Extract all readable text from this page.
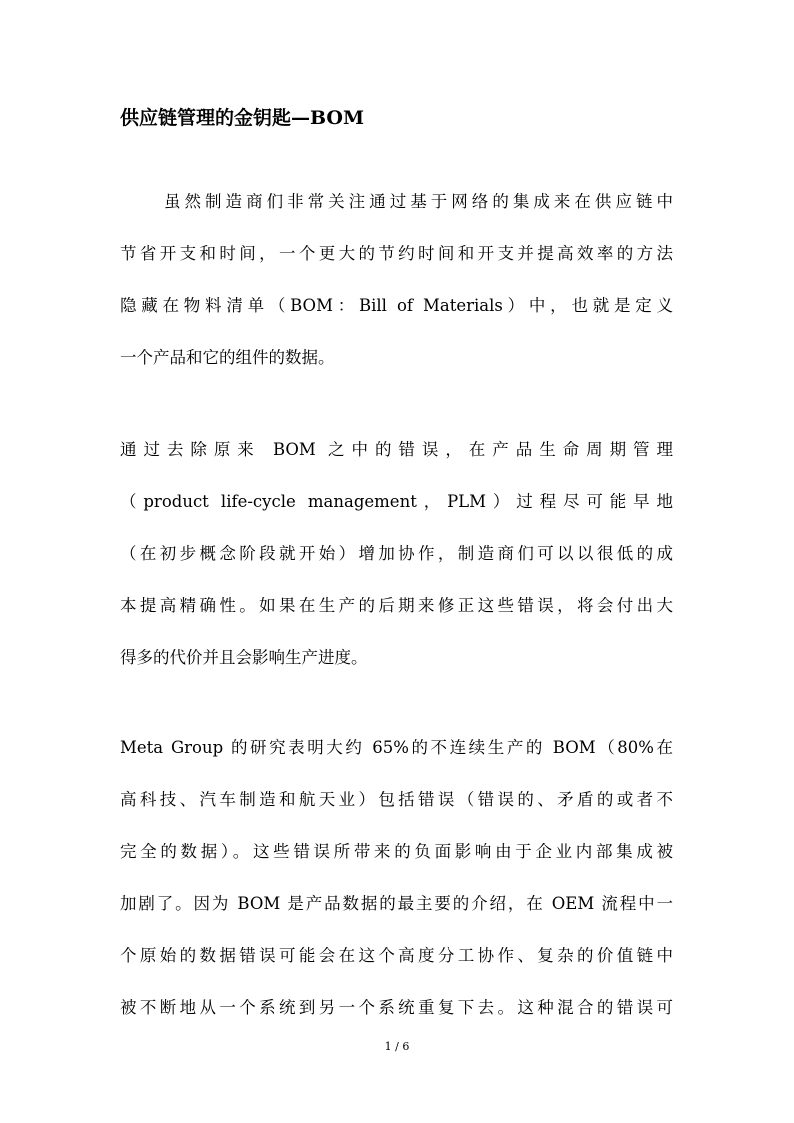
供应链管理的金钥匙—BOM
虽然制造商们非常关注通过基于网络的集成来在供应链中
节省开支和时间，一个更大的节约时间和开支并提高效率的方法
隐藏在物料清单（BOM：Bill of Materials）中，也就是定义
一个产品和它的组件的数据。
通过去除原来 BOM 之中的错误，在产品生命周期管理
（product life-cycle management，PLM）过程尽可能早地
（在初步概念阶段就开始）增加协作，制造商们可以以很低的成
本提高精确性。如果在生产的后期来修正这些错误，将会付出大
得多的代价并且会影响生产进度。
Meta Group 的研究表明大约 65%的不连续生产的 BOM（80%在
高科技、汽车制造和航天业）包括错误（错误的、矛盾的或者不
完全的数据）。这些错误所带来的负面影响由于企业内部集成被
加剧了。因为 BOM 是产品数据的最主要的介绍，在 OEM 流程中一
个原始的数据错误可能会在这个高度分工协作、复杂的价值链中
被不断地从一个系统到另一个系统重复下去。这种混合的错误可
1 / 6
